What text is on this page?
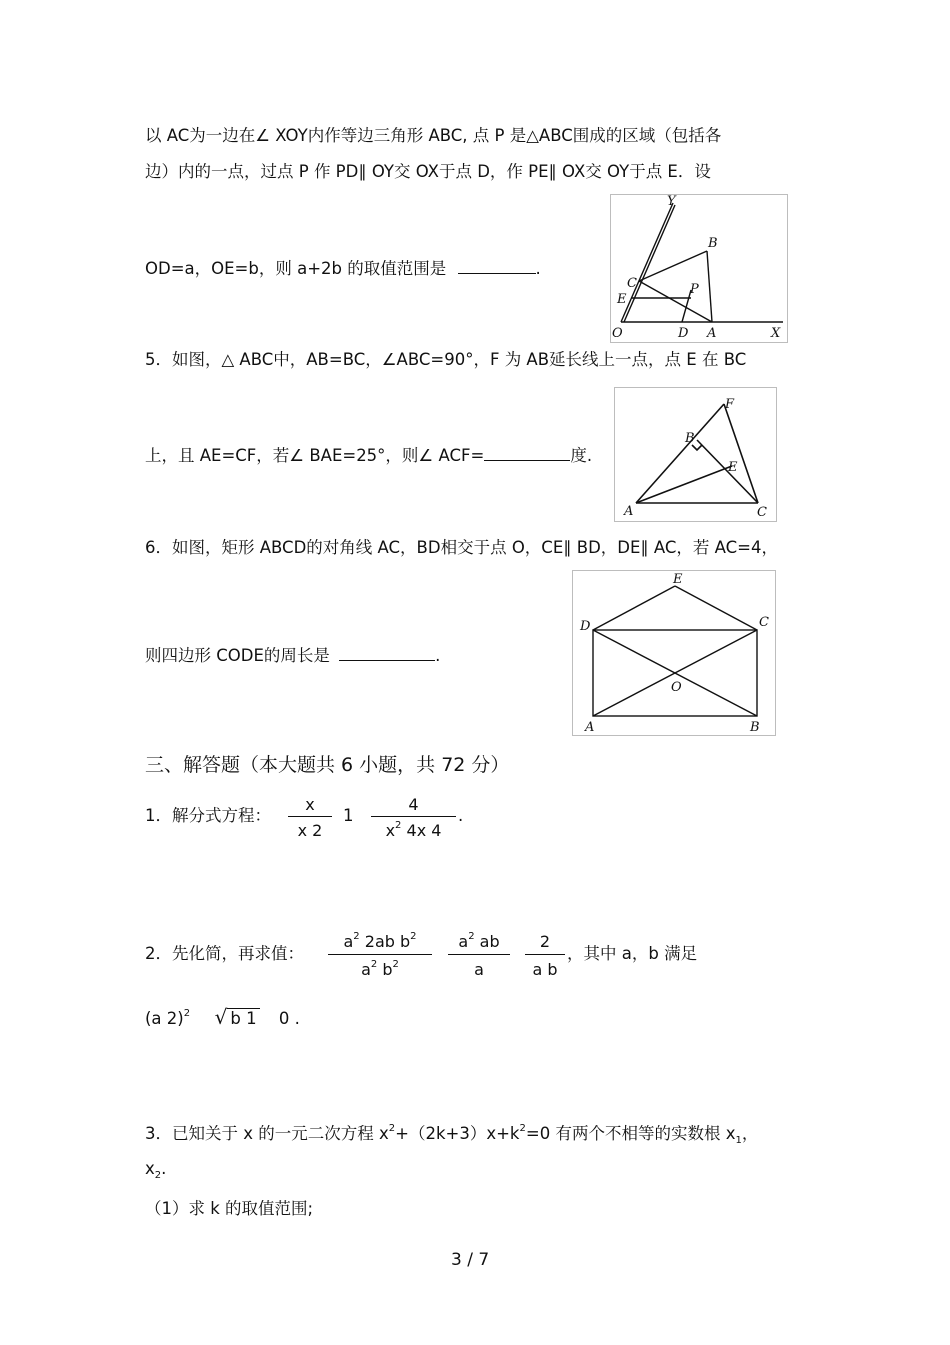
以 AC为一边在∠ XOY内作等边三角形 ABC, 点 P 是△ABC围成的区域（包括各
边）内的一点，过点 P 作 PD∥ OY交 OX于点 D，作 PE∥ OX交 OY于点 E．设
OD=a，OE=b，则 a+2b 的取值范围是	.
Y
B
C
E
P
O	D A	X
5．如图，△ ABC中，AB=BC，∠ABC=90°，F 为 AB延长线上一点，点 E 在 BC
上，且 AE=CF，若∠ BAE=25°，则∠ ACF=	度.
F
B
E
A	C
6．如图，矩形 ABCD的对角线 AC，BD相交于点 O，CE∥ BD，DE∥ AC，若 AC=4，
则四边形 CODE的周长是	.
E
D	C
O
A	B
三、解答题（本大题共 6 小题，共 72 分）
1．解分式方程：
x
x 2
1
4
$x^2$ 4x 4
.
2．先化简，再求值：
$a^2$ 2ab $b^2$
$a^2$ $b^2$
$a^2$ ab
a
2
a b
，其中 a，b 满足
(a 2)$^2$ √ b 1 0 .
3．已知关于 x 的一元二次方程 $x^2+(2k+3)x+k^2=0$ 有两个不相等的实数根 $x_1$，
$x_2$.
（1）求 k 的取值范围;
3 / 7
